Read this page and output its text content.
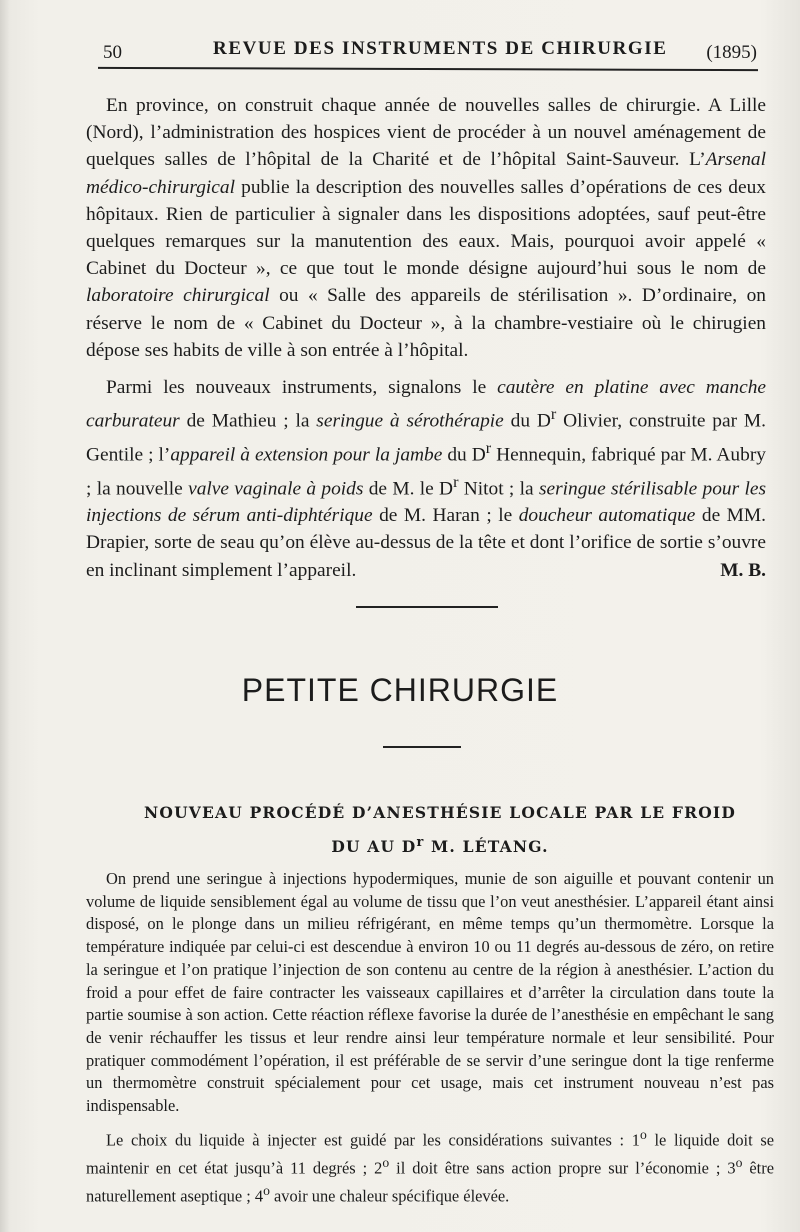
50	REVUE DES INSTRUMENTS DE CHIRURGIE (1895)

En province, on construit chaque année de nouvelles salles de chirurgie. A Lille (Nord), l’administration des hospices vient de procéder à un nouvel aménagement de quelques salles de l’hôpital de la Charité et de l’hôpital Saint-Sauveur. L’Arsenal médico-chirurgical publie la description des nouvelles salles d’opérations de ces deux hôpitaux. Rien de particulier à signaler dans les dispositions adoptées, sauf peut-être quelques remarques sur la manutention des eaux. Mais, pourquoi avoir appelé « Cabinet du Docteur », ce que tout le monde désigne aujourd’hui sous le nom de laboratoire chirurgical ou « Salle des appareils de stérilisation ». D’ordinaire, on réserve le nom de « Cabinet du Docteur », à la chambre-vestiaire où le chirugien dépose ses habits de ville à son entrée à l’hôpital.

Parmi les nouveaux instruments, signalons le cautère en platine avec manche carburateur de Mathieu ; la seringue à sérothérapie du $D^r$ Olivier, construite par M. Gentile ; l’appareil à extension pour la jambe du $D^r$ Hennequin, fabriqué par M. Aubry ; la nouvelle valve vaginale à poids de M. le $D^r$ Nitot ; la seringue stérilisable pour les injections de sérum anti-diphtérique de M. Haran ; le doucheur automatique de MM. Drapier, sorte de seau qu’on élève au-dessus de la tête et dont l’orifice de sortie s’ouvre en inclinant simplement l’appareil.	M. B.

PETITE CHIRURGIE
NOUVEAU PROCÉDÉ D’ANESTHÉSIE LOCALE PAR LE FROID
DU AU $D^r$ M. LÉTANG.

On prend une seringue à injections hypodermiques, munie de son aiguille et pouvant contenir un volume de liquide sensiblement égal au volume de tissu que l’on veut anesthésier. L’appareil étant ainsi disposé, on le plonge dans un milieu réfrigérant, en même temps qu’un thermomètre. Lorsque la température indiquée par celui-ci est descendue à environ 10 ou 11 degrés au-dessous de zéro, on retire la seringue et l’on pratique l’injection de son contenu au centre de la région à anesthésier. L’action du froid a pour effet de faire contracter les vaisseaux capillaires et d’arrêter la circulation dans toute la partie soumise à son action. Cette réaction réflexe favorise la durée de l’anesthésie en empêchant le sang de venir réchauffer les tissus et leur rendre ainsi leur température normale et leur sensibilité. Pour pratiquer commodément l’opération, il est préférable de se servir d’une seringue dont la tige renferme un thermomètre construit spécialement pour cet usage, mais cet instrument nouveau n’est pas indispensable.

Le choix du liquide à injecter est guidé par les considérations suivantes : 1$^o$ le liquide doit se maintenir en cet état jusqu’à 11 degrés ; 2$^o$ il doit être sans action propre sur l’économie ; 3$^o$ être naturellement aseptique ; 4$^o$ avoir une chaleur spécifique élevée.
